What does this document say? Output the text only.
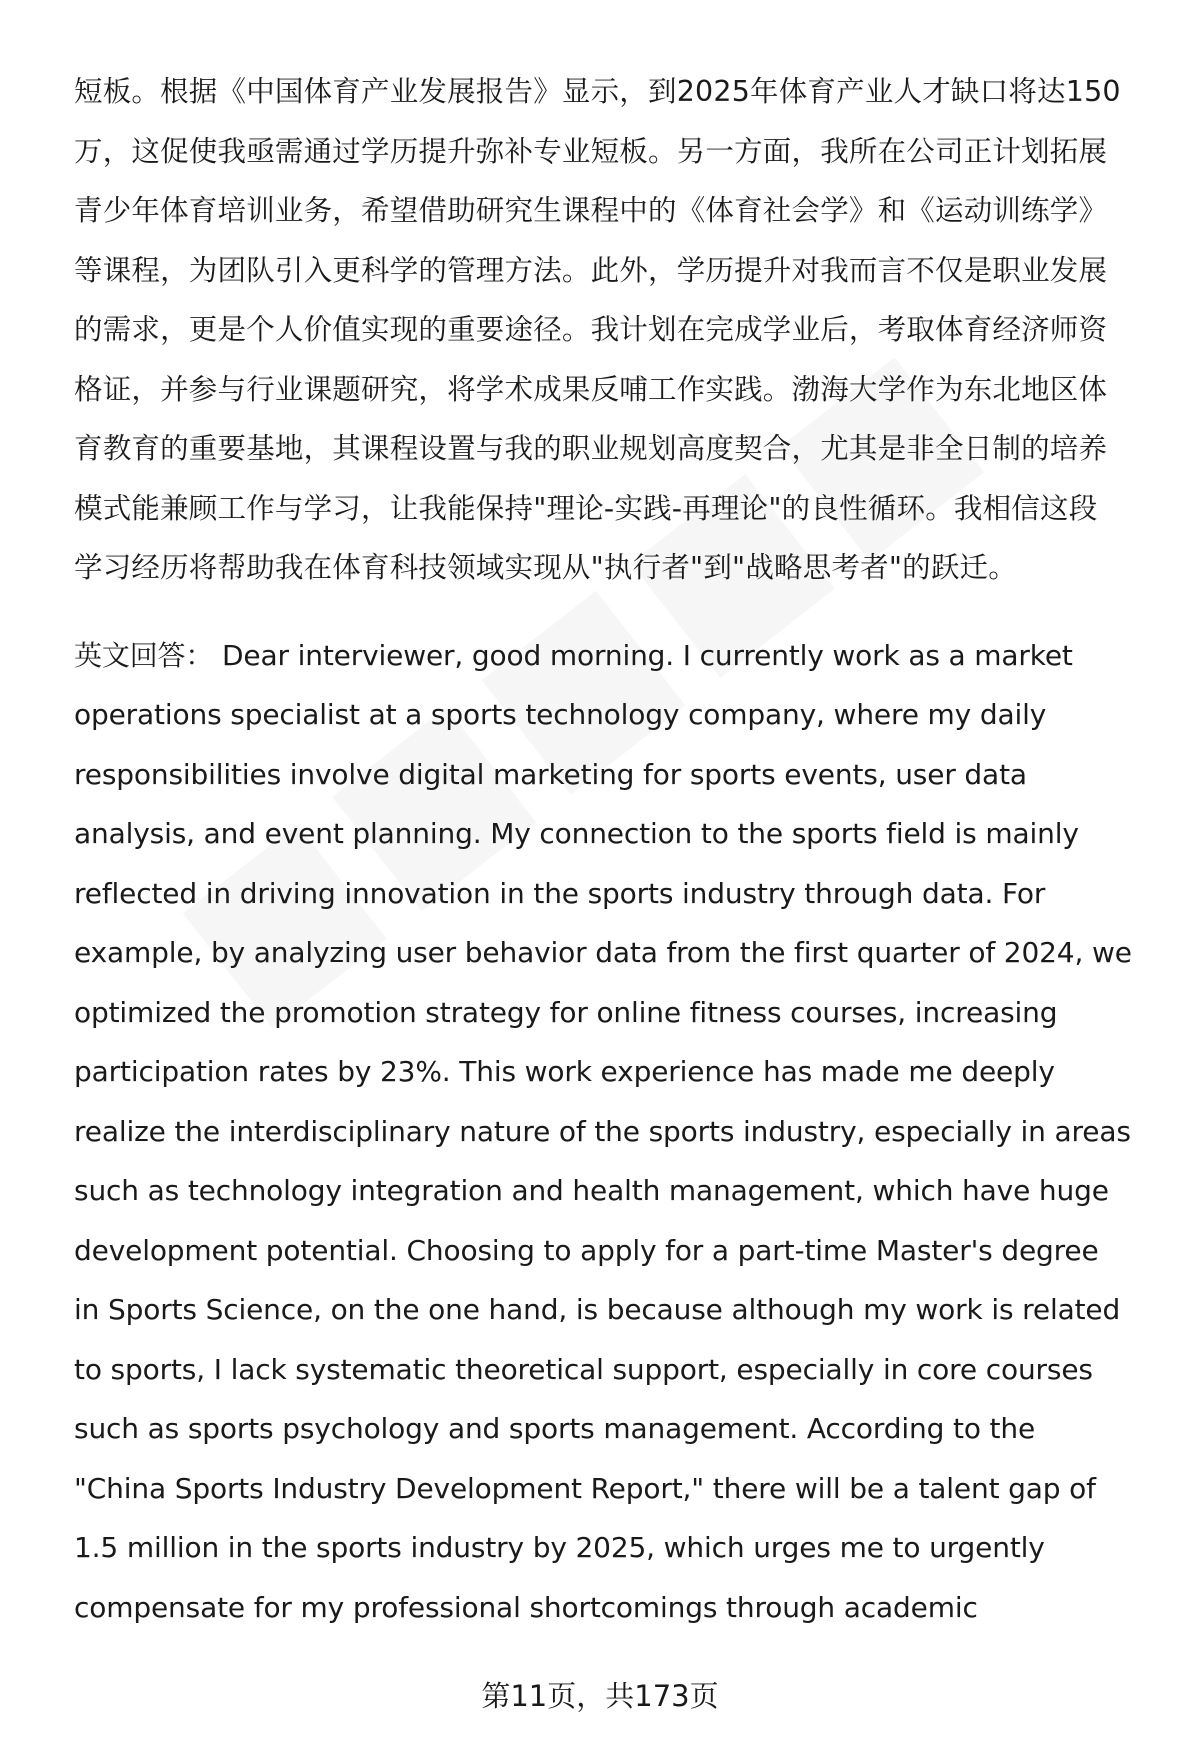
短板。根据《中国体育产业发展报告》显示，到2025年体育产业人才缺口将达150
万，这促使我亟需通过学历提升弥补专业短板。另一方面，我所在公司正计划拓展
青少年体育培训业务，希望借助研究生课程中的《体育社会学》和《运动训练学》
等课程，为团队引入更科学的管理方法。此外，学历提升对我而言不仅是职业发展
的需求，更是个人价值实现的重要途径。我计划在完成学业后，考取体育经济师资
格证，并参与行业课题研究，将学术成果反哺工作实践。渤海大学作为东北地区体
育教育的重要基地，其课程设置与我的职业规划高度契合，尤其是非全日制的培养
模式能兼顾工作与学习，让我能保持"理论-实践-再理论"的良性循环。我相信这段
学习经历将帮助我在体育科技领域实现从"执行者"到"战略思考者"的跃迁。
英文回答： Dear interviewer, good morning. I currently work as a market
operations specialist at a sports technology company, where my daily
responsibilities involve digital marketing for sports events, user data
analysis, and event planning. My connection to the sports field is mainly
reflected in driving innovation in the sports industry through data. For
example, by analyzing user behavior data from the first quarter of 2024, we
optimized the promotion strategy for online fitness courses, increasing
participation rates by 23%. This work experience has made me deeply
realize the interdisciplinary nature of the sports industry, especially in areas
such as technology integration and health management, which have huge
development potential. Choosing to apply for a part-time Master's degree
in Sports Science, on the one hand, is because although my work is related
to sports, I lack systematic theoretical support, especially in core courses
such as sports psychology and sports management. According to the
"China Sports Industry Development Report," there will be a talent gap of
1.5 million in the sports industry by 2025, which urges me to urgently
compensate for my professional shortcomings through academic
第11页，共173页
